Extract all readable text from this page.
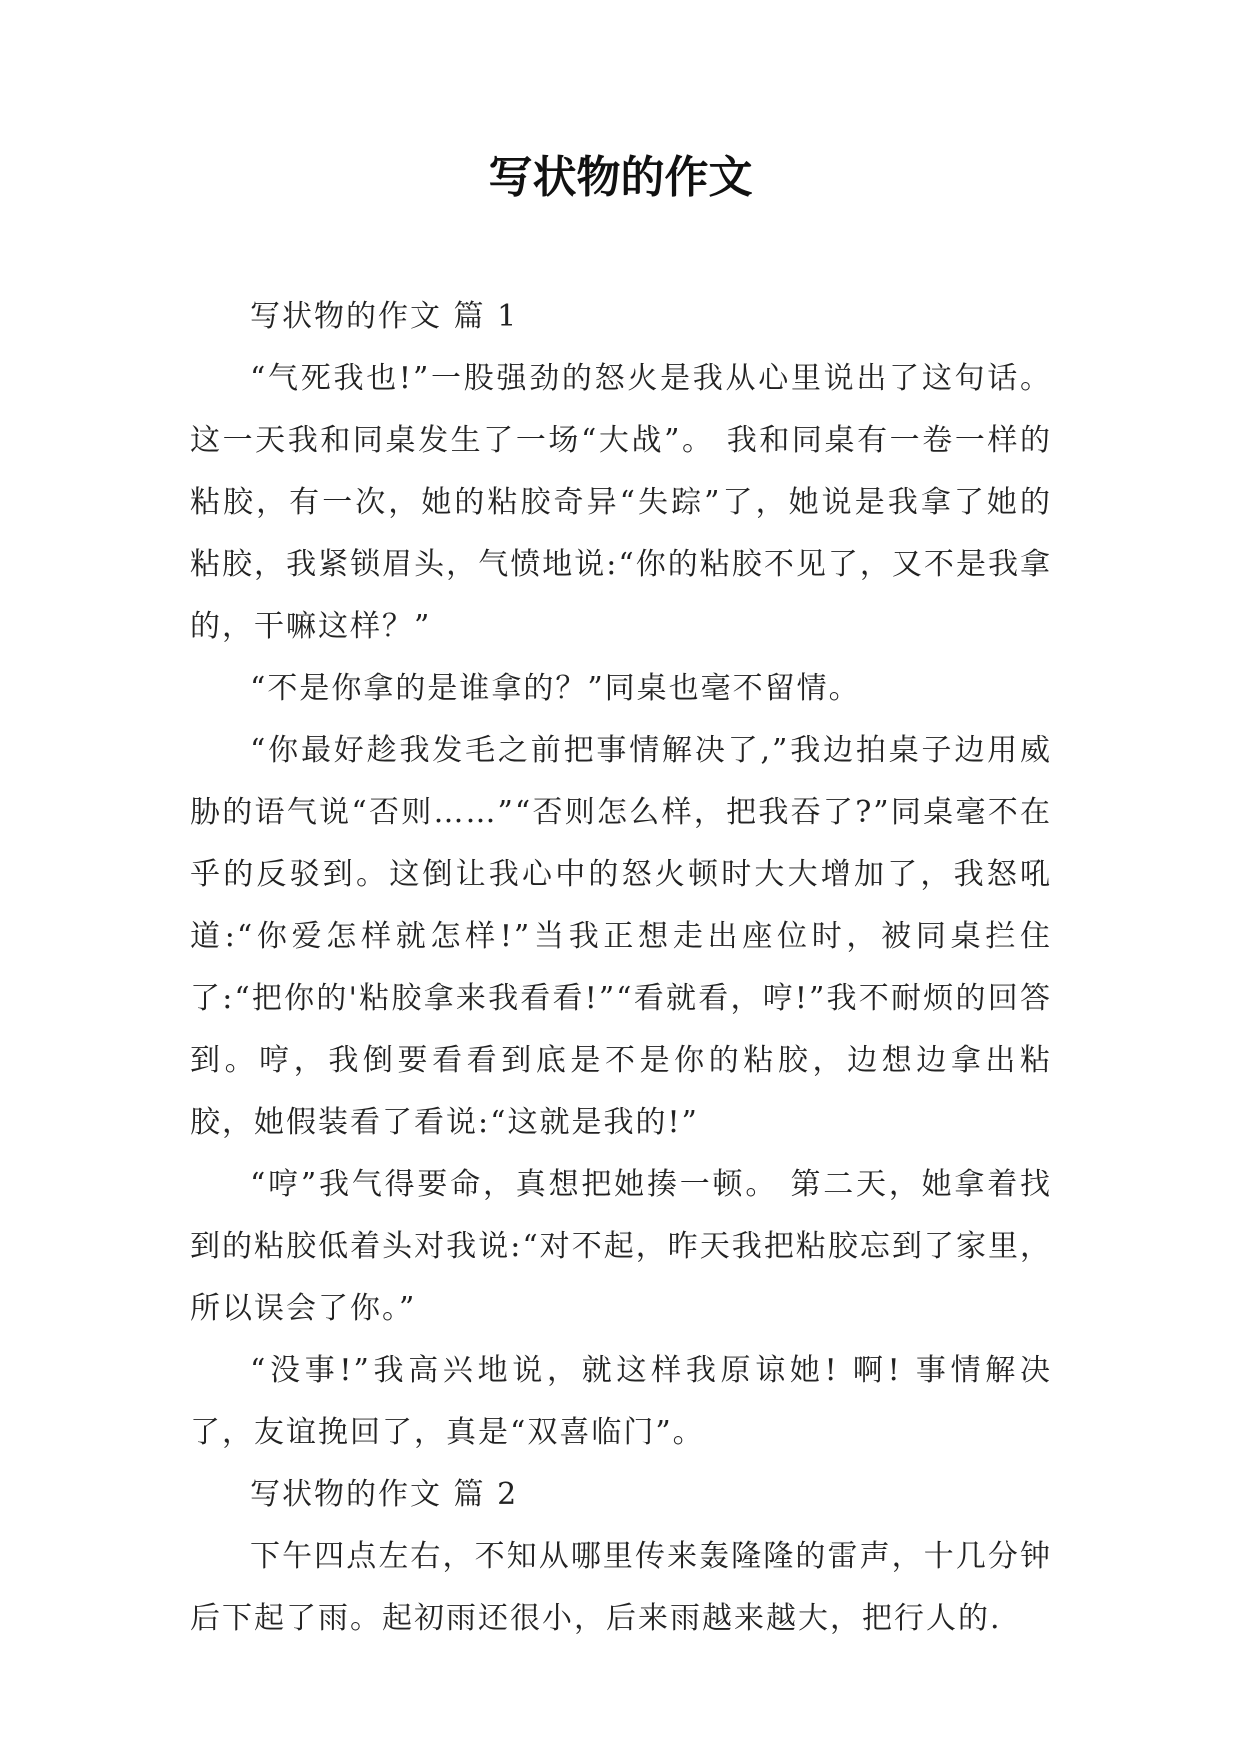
写状物的作文

写状物的作文 篇 1

“气死我也!”一股强劲的怒火是我从心里说出了这句话。 这一天我和同桌发生了一场“大战”。 我和同桌有一卷一样的粘胶，有一次，她的粘胶奇异“失踪”了，她说是我拿了她的粘胶，我紧锁眉头，气愤地说:“你的粘胶不见了，又不是我拿的，干嘛这样？”

“不是你拿的是谁拿的？”同桌也毫不留情。

“你最好趁我发毛之前把事情解决了,”我边拍桌子边用威胁的语气说“否则……”“否则怎么样，把我吞了?”同桌毫不在乎的反驳到。这倒让我心中的怒火顿时大大增加了，我怒吼道:“你爱怎样就怎样!”当我正想走出座位时，被同桌拦住了:“把你的'粘胶拿来我看看!”“看就看，哼!”我不耐烦的回答到。哼，我倒要看看到底是不是你的粘胶，边想边拿出粘胶，她假装看了看说:“这就是我的!”

“哼”我气得要命，真想把她揍一顿。 第二天，她拿着找到的粘胶低着头对我说:“对不起，昨天我把粘胶忘到了家里，所以误会了你。”

“没事!”我高兴地说，就这样我原谅她! 啊! 事情解决了，友谊挽回了，真是“双喜临门”。

写状物的作文 篇 2

下午四点左右，不知从哪里传来轰隆隆的雷声，十几分钟后下起了雨。起初雨还很小，后来雨越来越大，把行人的.
